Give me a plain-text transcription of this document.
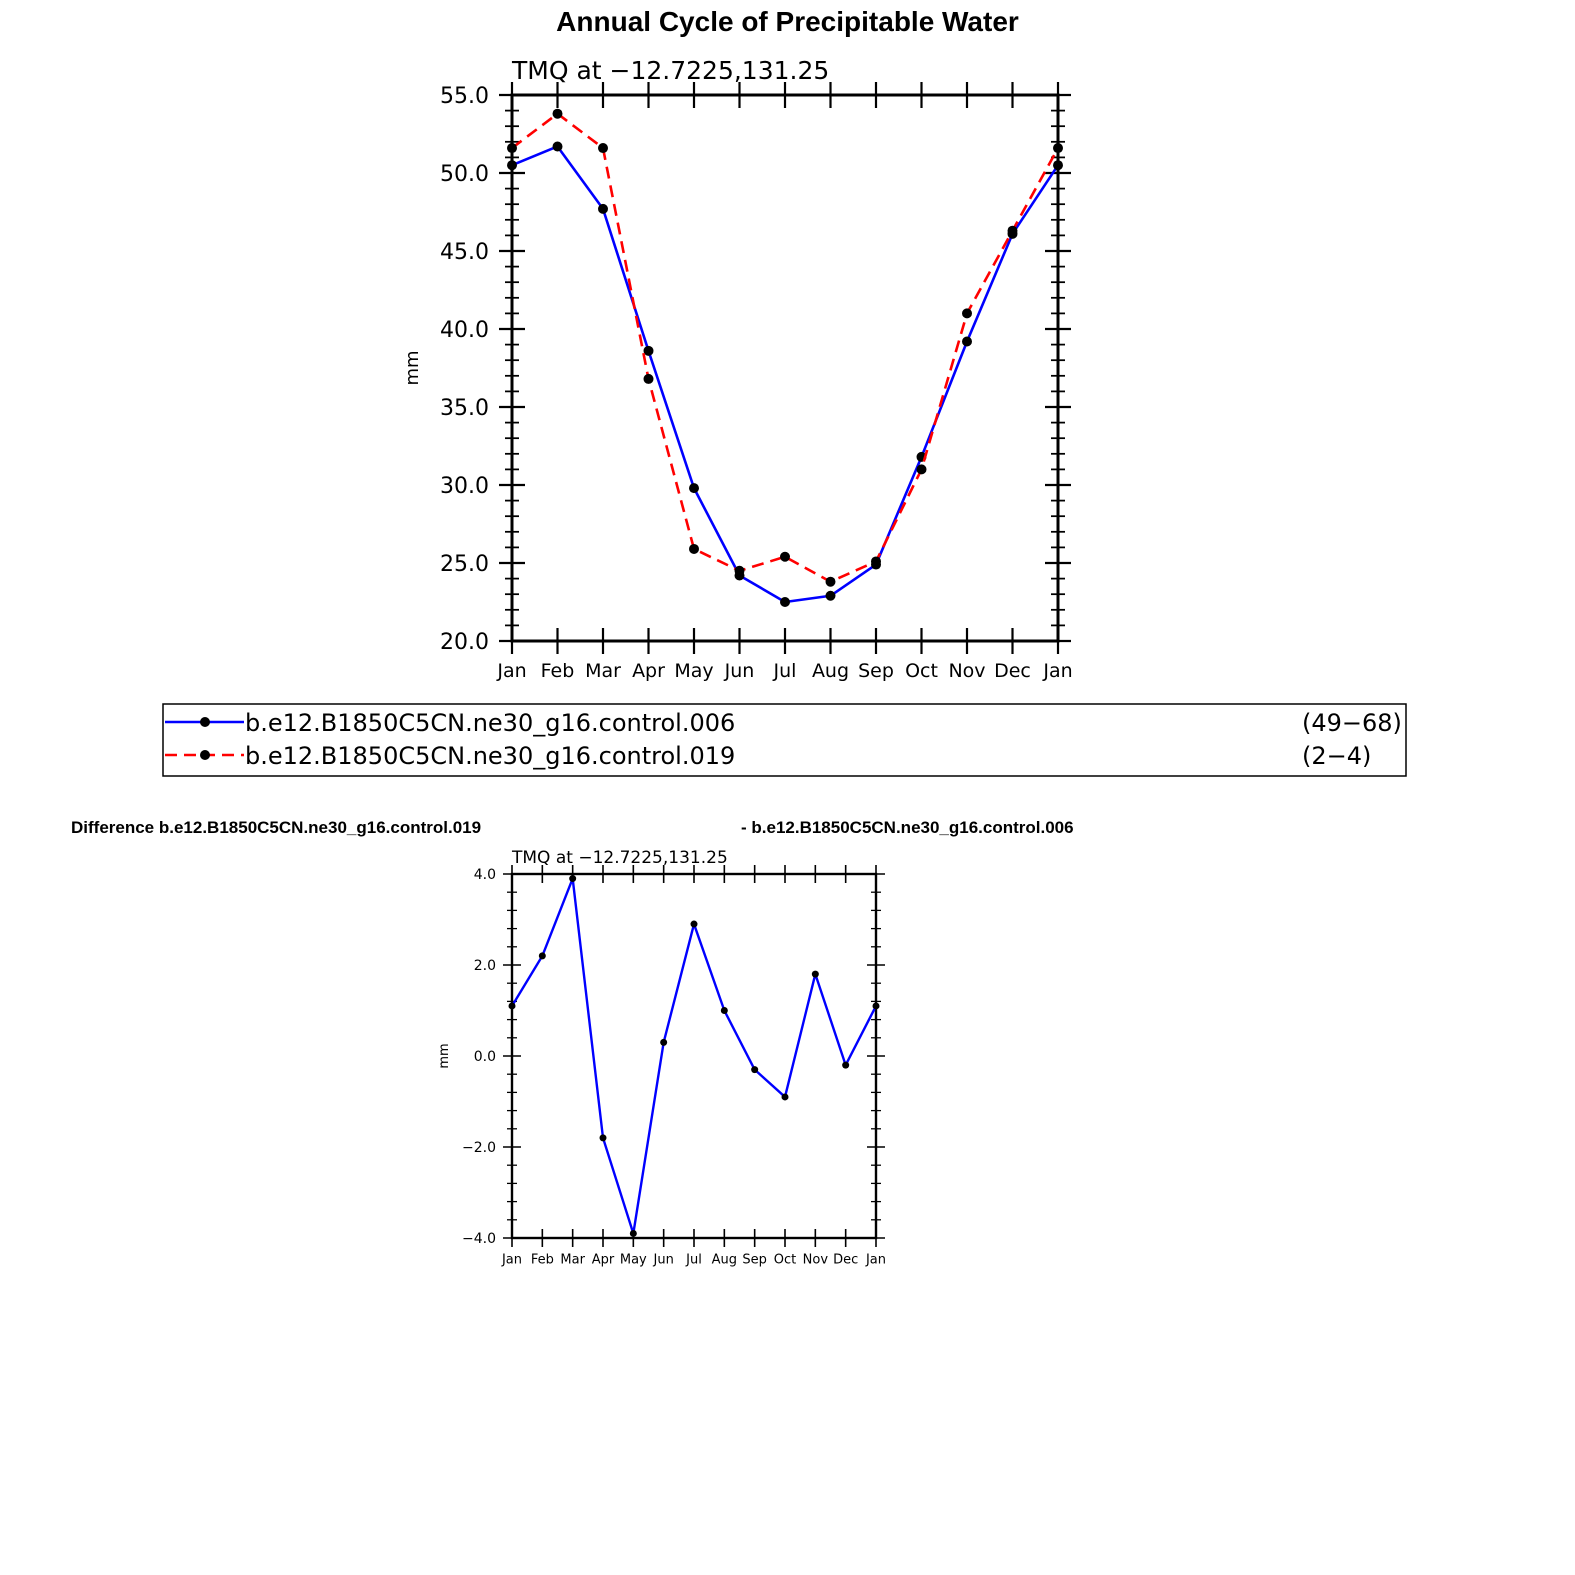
Annual Cycle of Precipitable Water
Difference b.e12.B1850C5CN.ne30_g16.control.019	- b.e12.B1850C5CN.ne30_g16.control.006
TMQ at −12.7225,131.25
mm
20.0
25.0
30.0
35.0
40.0
45.0
50.0
55.0
Jan Feb Mar Apr May Jun Jul Aug Sep Oct Nov Dec Jan
b.e12.B1850C5CN.ne30_g16.control.006	(49−68)
b.e12.B1850C5CN.ne30_g16.control.019	(2−4)
TMQ at −12.7225,131.25
mm
−4.0
−2.0
0.0
2.0
4.0
Jan Feb Mar Apr May Jun Jul Aug Sep Oct Nov Dec Jan
